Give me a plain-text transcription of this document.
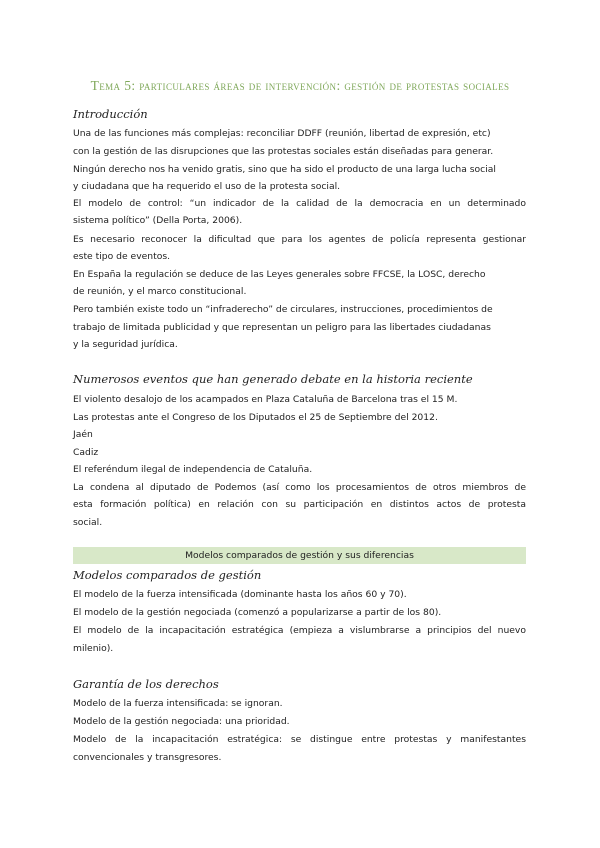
Tema 5: particulares áreas de intervención: gestión de protestas sociales
Introducción
Una de las funciones más complejas: reconciliar DDFF (reunión, libertad de expresión, etc)
con la gestión de las disrupciones que las protestas sociales están diseñadas para generar.
Ningún derecho nos ha venido gratis, sino que ha sido el producto de una larga lucha social
y ciudadana que ha requerido el uso de la protesta social.
El modelo de control: “un indicador de la calidad de la democracia en un determinado
sistema político” (Della Porta, 2006).
Es necesario reconocer la dificultad que para los agentes de policía representa gestionar
este tipo de eventos.
En España la regulación se deduce de las Leyes generales sobre FFCSE, la LOSC, derecho
de reunión, y el marco constitucional.
Pero también existe todo un “infraderecho” de circulares, instrucciones, procedimientos de
trabajo de limitada publicidad y que representan un peligro para las libertades ciudadanas
y la seguridad jurídica.
Numerosos eventos que han generado debate en la historia reciente
El violento desalojo de los acampados en Plaza Cataluña de Barcelona tras el 15 M.
Las protestas ante el Congreso de los Diputados el 25 de Septiembre del 2012.
Jaén
Cadiz
El referéndum ilegal de independencia de Cataluña.
La condena al diputado de Podemos (así como los procesamientos de otros miembros de
esta formación política) en relación con su participación en distintos actos de protesta
social.
Modelos comparados de gestión y sus diferencias
Modelos comparados de gestión
El modelo de la fuerza intensificada (dominante hasta los años 60 y 70).
El modelo de la gestión negociada (comenzó a popularizarse a partir de los 80).
El modelo de la incapacitación estratégica (empieza a vislumbrarse a principios del nuevo
milenio).
Garantía de los derechos
Modelo de la fuerza intensificada: se ignoran.
Modelo de la gestión negociada: una prioridad.
Modelo de la incapacitación estratégica: se distingue entre protestas y manifestantes
convencionales y transgresores.
